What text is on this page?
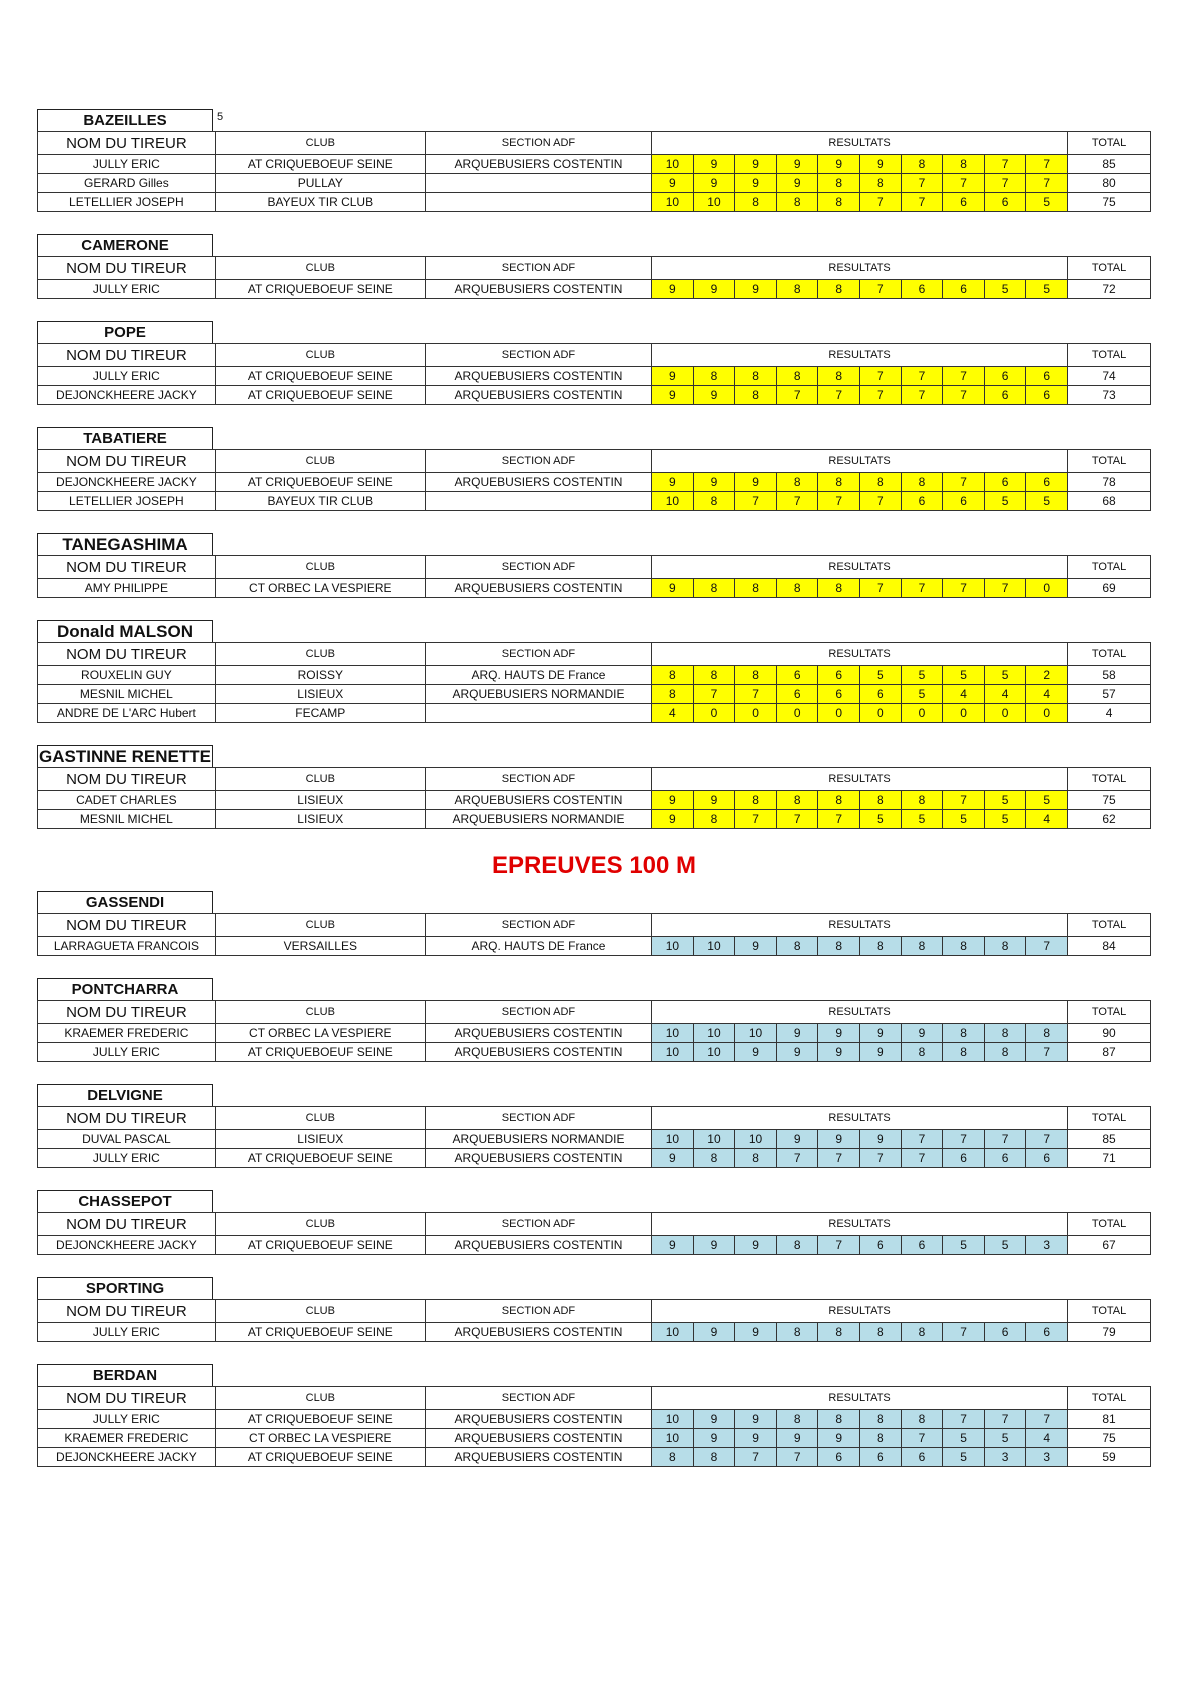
BAZEILLES	5
NOM DU TIREUR	CLUB	SECTION ADF	RESULTATS										TOTAL
JULLY ERIC	AT CRIQUEBOEUF SEINE	ARQUEBUSIERS COSTENTIN	10	9	9	9	9	9	8	8	7	7	85
GERARD Gilles	PULLAY		9	9	9	9	8	8	7	7	7	7	80
LETELLIER JOSEPH	BAYEUX TIR CLUB		10	10	8	8	8	7	7	6	6	5	75
CAMERONE
NOM DU TIREUR	CLUB	SECTION ADF	RESULTATS										TOTAL
JULLY ERIC	AT CRIQUEBOEUF SEINE	ARQUEBUSIERS COSTENTIN	9	9	9	8	8	7	6	6	5	5	72
POPE
NOM DU TIREUR	CLUB	SECTION ADF	RESULTATS										TOTAL
JULLY ERIC	AT CRIQUEBOEUF SEINE	ARQUEBUSIERS COSTENTIN	9	8	8	8	8	7	7	7	6	6	74
DEJONCKHEERE JACKY	AT CRIQUEBOEUF SEINE	ARQUEBUSIERS COSTENTIN	9	9	8	7	7	7	7	7	6	6	73
TABATIERE
NOM DU TIREUR	CLUB	SECTION ADF	RESULTATS										TOTAL
DEJONCKHEERE JACKY	AT CRIQUEBOEUF SEINE	ARQUEBUSIERS COSTENTIN	9	9	9	8	8	8	8	7	6	6	78
LETELLIER JOSEPH	BAYEUX TIR CLUB		10	8	7	7	7	7	6	6	5	5	68
TANEGASHIMA
NOM DU TIREUR	CLUB	SECTION ADF	RESULTATS										TOTAL
AMY PHILIPPE	CT ORBEC LA VESPIERE	ARQUEBUSIERS COSTENTIN	9	8	8	8	8	7	7	7	7	0	69
Donald MALSON
NOM DU TIREUR	CLUB	SECTION ADF	RESULTATS										TOTAL
ROUXELIN GUY	ROISSY	ARQ. HAUTS DE France	8	8	8	6	6	5	5	5	5	2	58
MESNIL MICHEL	LISIEUX	ARQUEBUSIERS NORMANDIE	8	7	7	6	6	6	5	4	4	4	57
ANDRE DE L'ARC Hubert	FECAMP		4	0	0	0	0	0	0	0	0	0	4
GASTINNE RENETTE
NOM DU TIREUR	CLUB	SECTION ADF	RESULTATS										TOTAL
CADET CHARLES	LISIEUX	ARQUEBUSIERS COSTENTIN	9	9	8	8	8	8	8	7	5	5	75
MESNIL MICHEL	LISIEUX	ARQUEBUSIERS NORMANDIE	9	8	7	7	7	5	5	5	5	4	62
EPREUVES 100 M
GASSENDI
NOM DU TIREUR	CLUB	SECTION ADF	RESULTATS										TOTAL
LARRAGUETA FRANCOIS	VERSAILLES	ARQ. HAUTS DE France	10	10	9	8	8	8	8	8	8	7	84
PONTCHARRA
NOM DU TIREUR	CLUB	SECTION ADF	RESULTATS										TOTAL
KRAEMER FREDERIC	CT ORBEC LA VESPIERE	ARQUEBUSIERS COSTENTIN	10	10	10	9	9	9	9	8	8	8	90
JULLY ERIC	AT CRIQUEBOEUF SEINE	ARQUEBUSIERS COSTENTIN	10	10	9	9	9	9	8	8	8	7	87
DELVIGNE
NOM DU TIREUR	CLUB	SECTION ADF	RESULTATS										TOTAL
DUVAL PASCAL	LISIEUX	ARQUEBUSIERS NORMANDIE	10	10	10	9	9	9	7	7	7	7	85
JULLY ERIC	AT CRIQUEBOEUF SEINE	ARQUEBUSIERS COSTENTIN	9	8	8	7	7	7	7	6	6	6	71
CHASSEPOT
NOM DU TIREUR	CLUB	SECTION ADF	RESULTATS										TOTAL
DEJONCKHEERE JACKY	AT CRIQUEBOEUF SEINE	ARQUEBUSIERS COSTENTIN	9	9	9	8	7	6	6	5	5	3	67
SPORTING
NOM DU TIREUR	CLUB	SECTION ADF	RESULTATS										TOTAL
JULLY ERIC	AT CRIQUEBOEUF SEINE	ARQUEBUSIERS COSTENTIN	10	9	9	8	8	8	8	7	6	6	79
BERDAN
NOM DU TIREUR	CLUB	SECTION ADF	RESULTATS										TOTAL
JULLY ERIC	AT CRIQUEBOEUF SEINE	ARQUEBUSIERS COSTENTIN	10	9	9	8	8	8	8	7	7	7	81
KRAEMER FREDERIC	CT ORBEC LA VESPIERE	ARQUEBUSIERS COSTENTIN	10	9	9	9	9	8	7	5	5	4	75
DEJONCKHEERE JACKY	AT CRIQUEBOEUF SEINE	ARQUEBUSIERS COSTENTIN	8	8	7	7	6	6	6	5	3	3	59
